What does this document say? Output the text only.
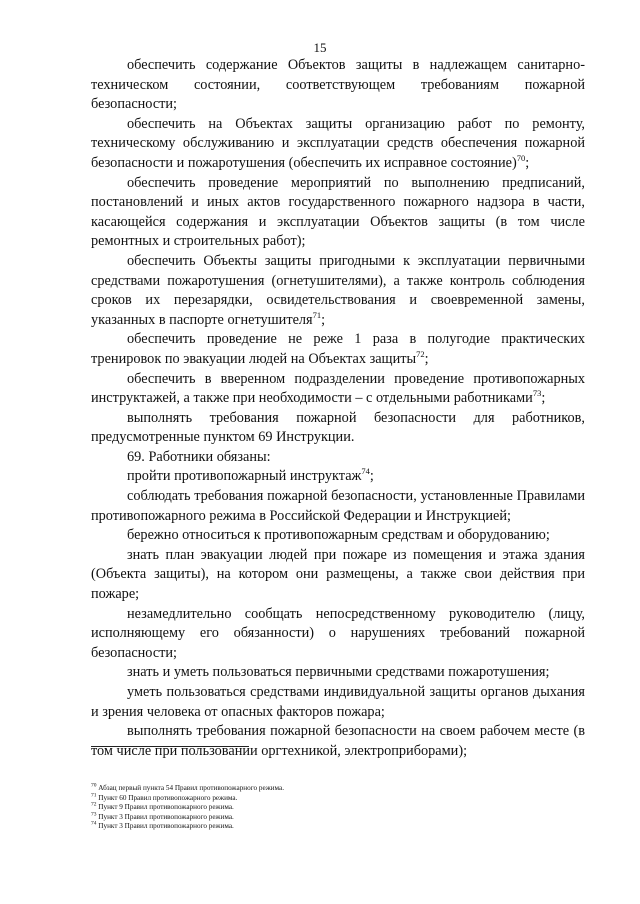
15

обеспечить содержание Объектов защиты в надлежащем санитарно-техническом состоянии, соответствующем требованиям пожарной безопасности;

обеспечить на Объектах защиты организацию работ по ремонту, техническому обслуживанию и эксплуатации средств обеспечения пожарной безопасности и пожаротушения (обеспечить их исправное состояние)$^{70}$;

обеспечить проведение мероприятий по выполнению предписаний, постановлений и иных актов государственного пожарного надзора в части, касающейся содержания и эксплуатации Объектов защиты (в том числе ремонтных и строительных работ);

обеспечить Объекты защиты пригодными к эксплуатации первичными средствами пожаротушения (огнетушителями), а также контроль соблюдения сроков их перезарядки, освидетельствования и своевременной замены, указанных в паспорте огнетушителя$^{71}$;

обеспечить проведение не реже 1 раза в полугодие практических тренировок по эвакуации людей на Объектах защиты$^{72}$;

обеспечить в вверенном подразделении проведение противопожарных инструктажей, а также при необходимости – с отдельными работниками$^{73}$;

выполнять требования пожарной безопасности для работников, предусмотренные пунктом 69 Инструкции.

69. Работники обязаны:

пройти противопожарный инструктаж$^{74}$;

соблюдать требования пожарной безопасности, установленные Правилами противопожарного режима в Российской Федерации и Инструкцией;

бережно относиться к противопожарным средствам и оборудованию;

знать план эвакуации людей при пожаре из помещения и этажа здания (Объекта защиты), на котором они размещены, а также свои действия при пожаре;

незамедлительно сообщать непосредственному руководителю (лицу, исполняющему его обязанности) о нарушениях требований пожарной безопасности;

знать и уметь пользоваться первичными средствами пожаротушения;

уметь пользоваться средствами индивидуальной защиты органов дыхания и зрения человека от опасных факторов пожара;

выполнять требования пожарной безопасности на своем рабочем месте (в том числе при пользовании оргтехникой, электроприборами);

$^{70}$ Абзац первый пункта 54 Правил противопожарного режима.

$^{71}$ Пункт 60 Правил противопожарного режима.

$^{72}$ Пункт 9 Правил противопожарного режима.

$^{73}$ Пункт 3 Правил противопожарного режима.

$^{74}$ Пункт 3 Правил противопожарного режима.
